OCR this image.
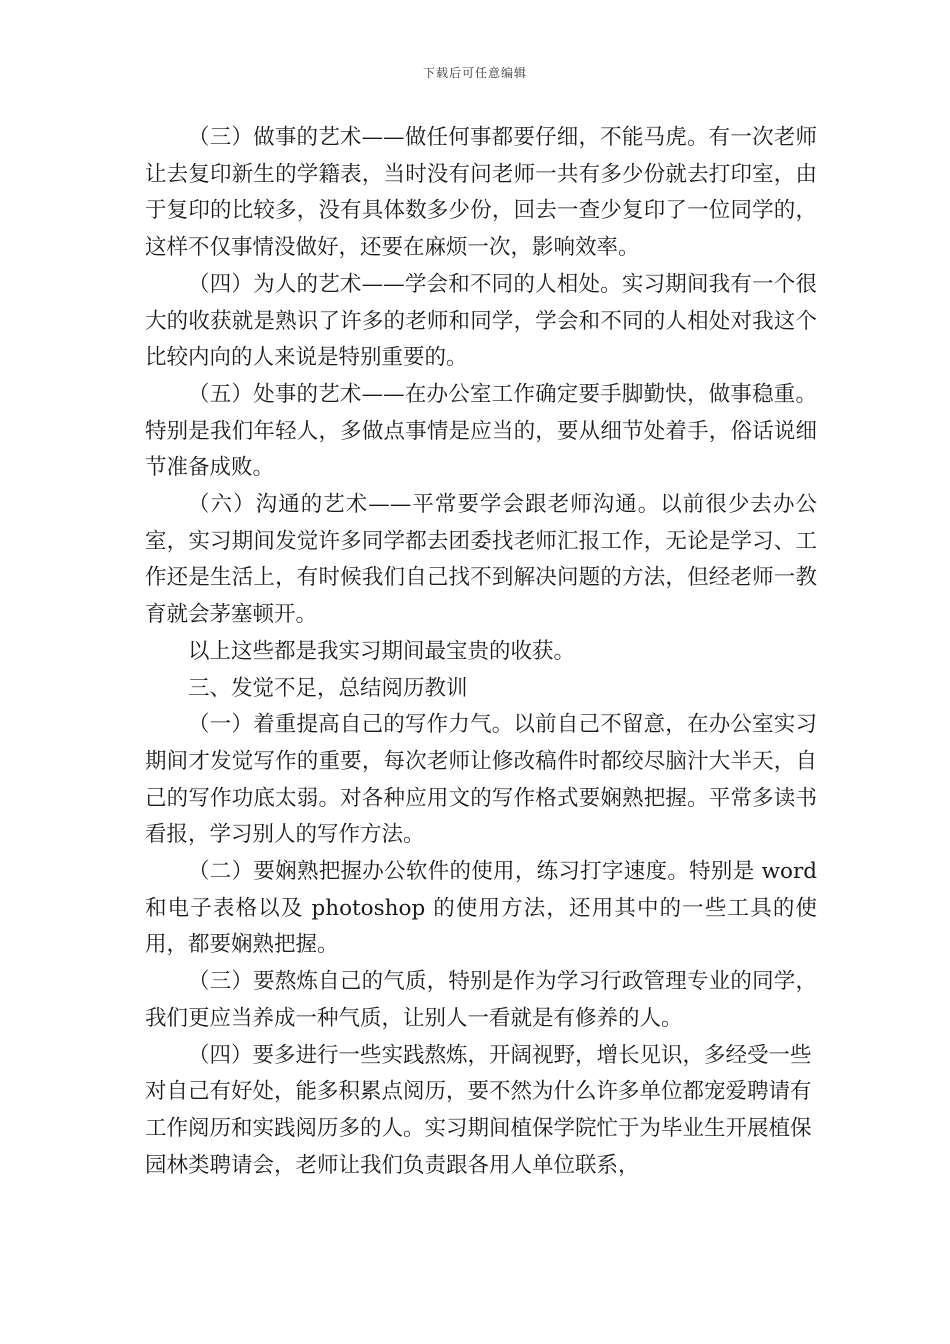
下载后可任意编辑

（三）做事的艺术——做任何事都要仔细，不能马虎。有一次老师让去复印新生的学籍表，当时没有问老师一共有多少份就去打印室，由于复印的比较多，没有具体数多少份，回去一查少复印了一位同学的，这样不仅事情没做好，还要在麻烦一次，影响效率。

（四）为人的艺术——学会和不同的人相处。实习期间我有一个很大的收获就是熟识了许多的老师和同学，学会和不同的人相处对我这个比较内向的人来说是特别重要的。

（五）处事的艺术——在办公室工作确定要手脚勤快，做事稳重。特别是我们年轻人，多做点事情是应当的，要从细节处着手，俗话说细节准备成败。

（六）沟通的艺术——平常要学会跟老师沟通。以前很少去办公室，实习期间发觉许多同学都去团委找老师汇报工作，无论是学习、工作还是生活上，有时候我们自己找不到解决问题的方法，但经老师一教育就会茅塞顿开。

以上这些都是我实习期间最宝贵的收获。

三、发觉不足，总结阅历教训

（一）着重提高自己的写作力气。以前自己不留意，在办公室实习期间才发觉写作的重要，每次老师让修改稿件时都绞尽脑汁大半天，自己的写作功底太弱。对各种应用文的写作格式要娴熟把握。平常多读书看报，学习别人的写作方法。

（二）要娴熟把握办公软件的使用，练习打字速度。特别是 word 和电子表格以及 photoshop 的使用方法，还用其中的一些工具的使用，都要娴熟把握。

（三）要熬炼自己的气质，特别是作为学习行政管理专业的同学，我们更应当养成一种气质，让别人一看就是有修养的人。

（四）要多进行一些实践熬炼，开阔视野，增长见识，多经受一些对自己有好处，能多积累点阅历，要不然为什么许多单位都宠爱聘请有工作阅历和实践阅历多的人。实习期间植保学院忙于为毕业生开展植保园林类聘请会，老师让我们负责跟各用人单位联系，
